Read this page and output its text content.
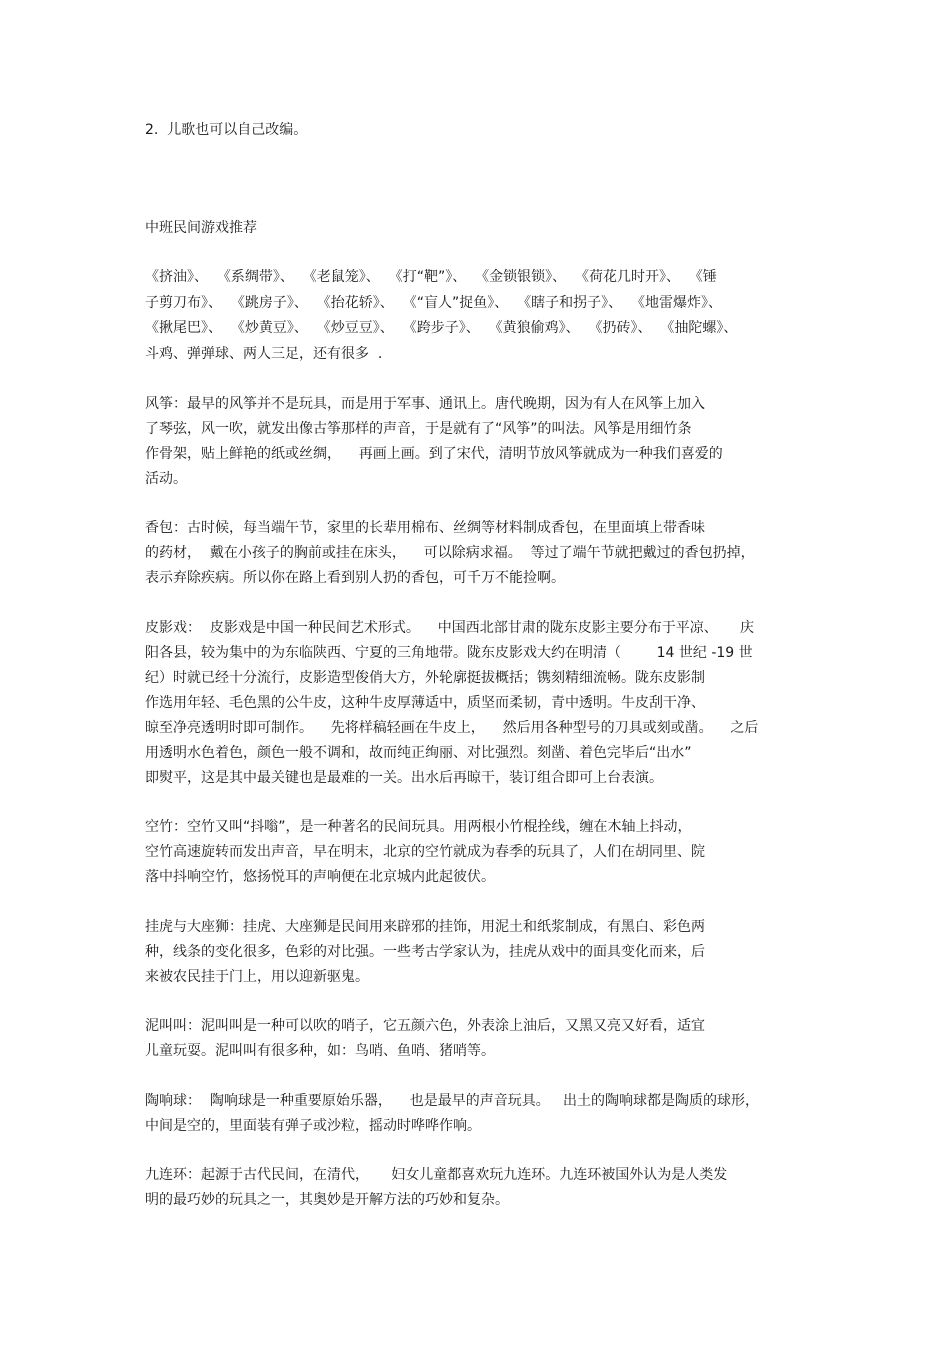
2.  儿歌也可以自己改编。

中班民间游戏推荐

《挤油》、  《系绸带》、  《老鼠笼》、  《打“靶”》、  《金锁银锁》、  《荷花几时开》、  《锤

子剪刀布》、  《跳房子》、  《抬花轿》、  《“盲人”捉鱼》、  《瞎子和拐子》、  《地雷爆炸》、

《揪尾巴》、  《炒黄豆》、  《炒豆豆》、  《跨步子》、  《黄狼偷鸡》、  《扔砖》、  《抽陀螺》、

斗鸡、弹弹球、两人三足，还有很多  .

风筝：最早的风筝并不是玩具，而是用于军事、通讯上。唐代晚期，因为有人在风筝上加入

了琴弦，风一吹，就发出像古筝那样的声音，于是就有了“风筝”的叫法。风筝是用细竹条

作骨架，贴上鲜艳的纸或丝绸，    再画上画。到了宋代，清明节放风筝就成为一种我们喜爱的

活动。

香包：古时候，每当端午节，家里的长辈用棉布、丝绸等材料制成香包，在里面填上带香味

的药材，  戴在小孩子的胸前或挂在床头，    可以除病求福。  等过了端午节就把戴过的香包扔掉，

表示弃除疾病。所以你在路上看到别人扔的香包，可千万不能捡啊。

皮影戏：  皮影戏是中国一种民间艺术形式。    中国西北部甘肃的陇东皮影主要分布于平凉、     庆

阳各县，较为集中的为东临陕西、宁夏的三角地带。陇东皮影戏大约在明清（        14 世纪 -19 世

纪）时就已经十分流行，皮影造型俊俏大方，外轮廓挺拔概括；镌刻精细流畅。陇东皮影制

作选用年轻、毛色黑的公牛皮，这种牛皮厚薄适中，质坚而柔韧，青中透明。牛皮刮干净、

晾至净亮透明时即可制作。    先将样稿轻画在牛皮上，    然后用各种型号的刀具或刻或凿。    之后

用透明水色着色，颜色一般不调和，故而纯正绚丽、对比强烈。刻凿、着色完毕后“出水”

即熨平，这是其中最关键也是最难的一关。出水后再晾干，装订组合即可上台表演。

空竹：空竹又叫“抖嗡”，是一种著名的民间玩具。用两根小竹棍拴线，缠在木轴上抖动，

空竹高速旋转而发出声音，早在明末，北京的空竹就成为春季的玩具了，人们在胡同里、院

落中抖响空竹，悠扬悦耳的声响便在北京城内此起彼伏。

挂虎与大座狮：挂虎、大座狮是民间用来辟邪的挂饰，用泥土和纸浆制成，有黑白、彩色两

种，线条的变化很多，色彩的对比强。一些考古学家认为，挂虎从戏中的面具变化而来，后

来被农民挂于门上，用以迎新驱鬼。

泥叫叫：泥叫叫是一种可以吹的哨子，它五颜六色，外表涂上油后，又黑又亮又好看，适宜

儿童玩耍。泥叫叫有很多种，如：鸟哨、鱼哨、猪哨等。

陶响球：  陶响球是一种重要原始乐器，    也是最早的声音玩具。   出土的陶响球都是陶质的球形，

中间是空的，里面装有弹子或沙粒，摇动时哗哗作响。

九连环：起源于古代民间，在清代，     妇女儿童都喜欢玩九连环。九连环被国外认为是人类发

明的最巧妙的玩具之一，其奥妙是开解方法的巧妙和复杂。
